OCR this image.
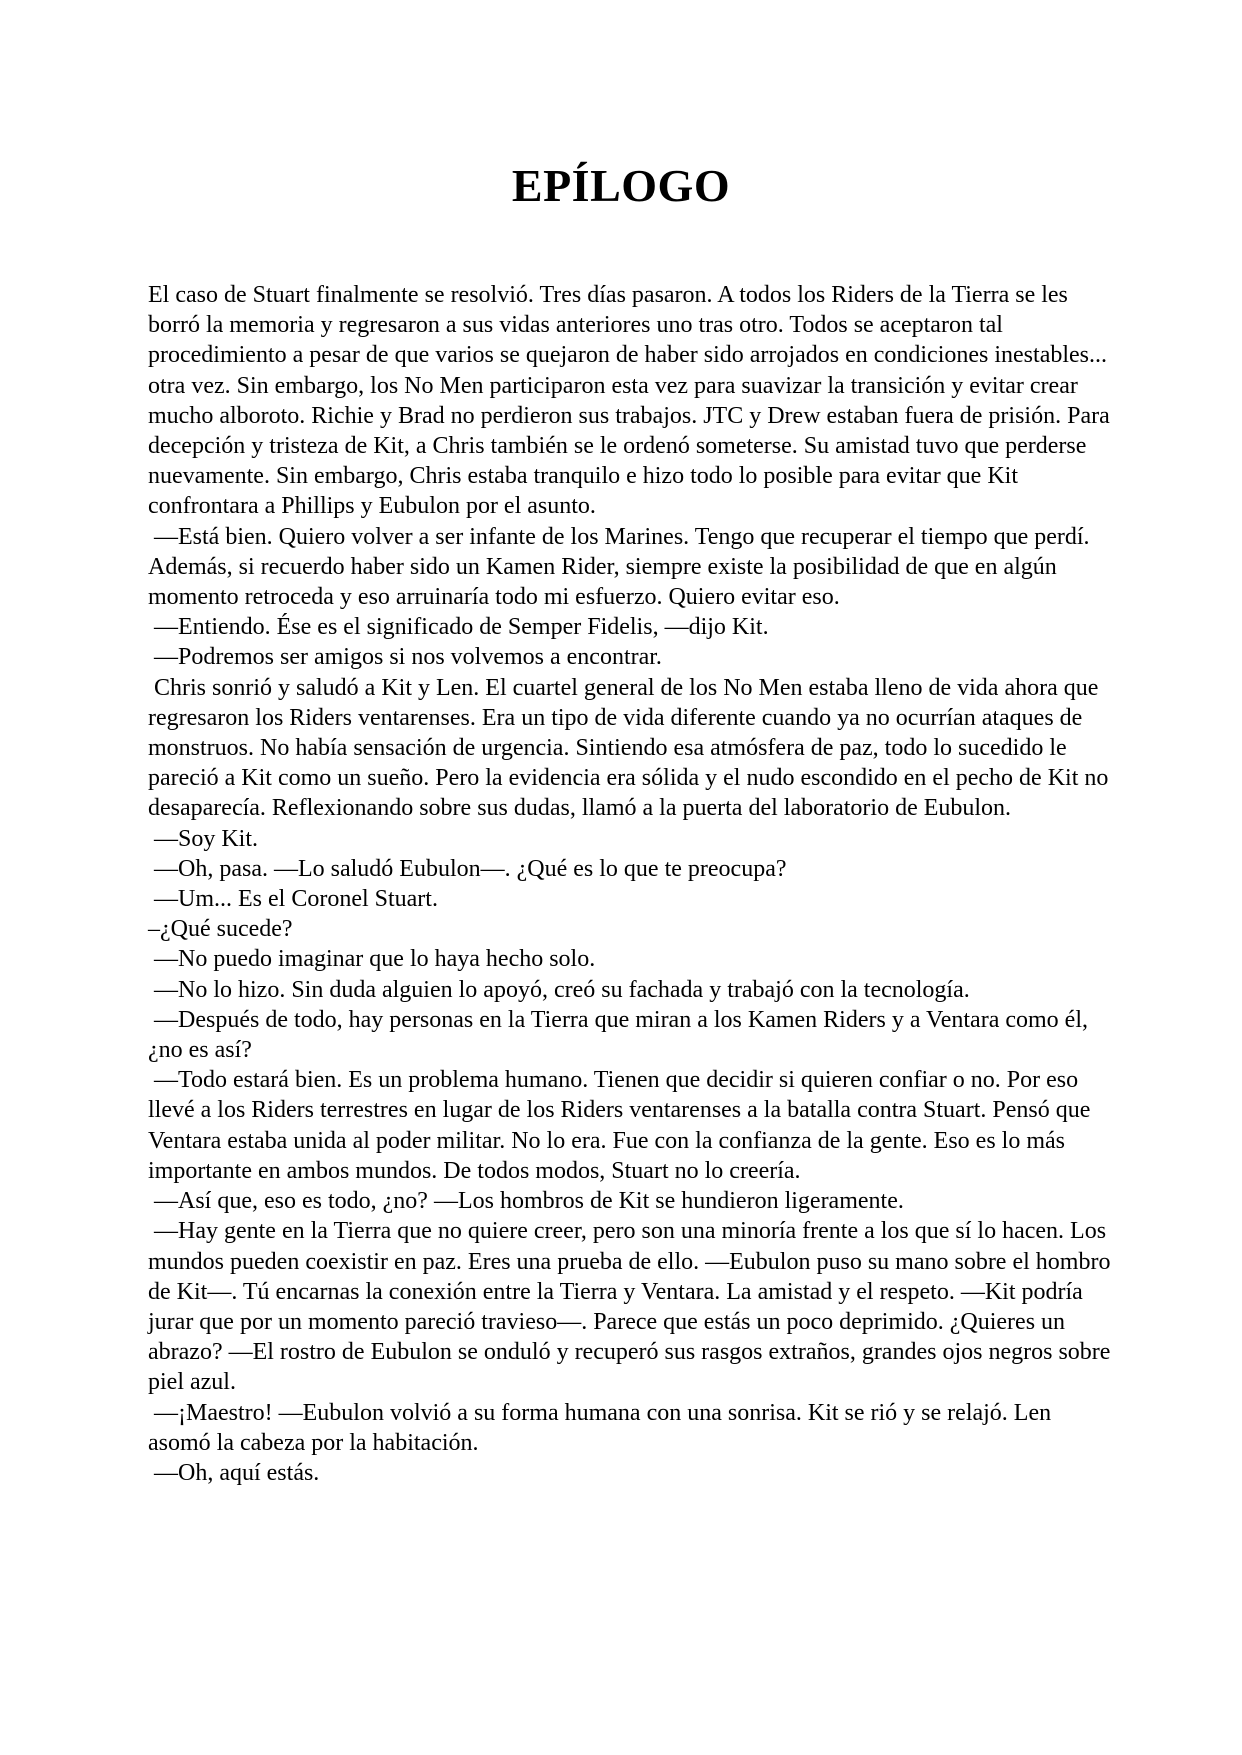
EPÍLOGO

El caso de Stuart finalmente se resolvió. Tres días pasaron. A todos los Riders de la Tierra se les borró la memoria y regresaron a sus vidas anteriores uno tras otro. Todos se aceptaron tal procedimiento a pesar de que varios se quejaron de haber sido arrojados en condiciones inestables... otra vez. Sin embargo, los No Men participaron esta vez para suavizar la transición y evitar crear mucho alboroto. Richie y Brad no perdieron sus trabajos. JTC y Drew estaban fuera de prisión. Para decepción y tristeza de Kit, a Chris también se le ordenó someterse. Su amistad tuvo que perderse nuevamente. Sin embargo, Chris estaba tranquilo e hizo todo lo posible para evitar que Kit confrontara a Phillips y Eubulon por el asunto.

—Está bien. Quiero volver a ser infante de los Marines. Tengo que recuperar el tiempo que perdí. Además, si recuerdo haber sido un Kamen Rider, siempre existe la posibilidad de que en algún momento retroceda y eso arruinaría todo mi esfuerzo. Quiero evitar eso.

—Entiendo. Ése es el significado de Semper Fidelis, —dijo Kit.

—Podremos ser amigos si nos volvemos a encontrar.

Chris sonrió y saludó a Kit y Len. El cuartel general de los No Men estaba lleno de vida ahora que regresaron los Riders ventarenses. Era un tipo de vida diferente cuando ya no ocurrían ataques de monstruos. No había sensación de urgencia. Sintiendo esa atmósfera de paz, todo lo sucedido le pareció a Kit como un sueño. Pero la evidencia era sólida y el nudo escondido en el pecho de Kit no desaparecía. Reflexionando sobre sus dudas, llamó a la puerta del laboratorio de Eubulon.

—Soy Kit.

—Oh, pasa. —Lo saludó Eubulon—. ¿Qué es lo que te preocupa?

—Um... Es el Coronel Stuart.

–¿Qué sucede?

—No puedo imaginar que lo haya hecho solo.

—No lo hizo. Sin duda alguien lo apoyó, creó su fachada y trabajó con la tecnología.

—Después de todo, hay personas en la Tierra que miran a los Kamen Riders y a Ventara como él, ¿no es así?

—Todo estará bien. Es un problema humano. Tienen que decidir si quieren confiar o no. Por eso llevé a los Riders terrestres en lugar de los Riders ventarenses a la batalla contra Stuart. Pensó que Ventara estaba unida al poder militar. No lo era. Fue con la confianza de la gente. Eso es lo más importante en ambos mundos. De todos modos, Stuart no lo creería.

—Así que, eso es todo, ¿no? —Los hombros de Kit se hundieron ligeramente.

—Hay gente en la Tierra que no quiere creer, pero son una minoría frente a los que sí lo hacen. Los mundos pueden coexistir en paz. Eres una prueba de ello. —Eubulon puso su mano sobre el hombro de Kit—. Tú encarnas la conexión entre la Tierra y Ventara. La amistad y el respeto. —Kit podría jurar que por un momento pareció travieso—. Parece que estás un poco deprimido. ¿Quieres un abrazo? —El rostro de Eubulon se onduló y recuperó sus rasgos extraños, grandes ojos negros sobre piel azul.

—¡Maestro! —Eubulon volvió a su forma humana con una sonrisa. Kit se rió y se relajó. Len asomó la cabeza por la habitación.

—Oh, aquí estás.
